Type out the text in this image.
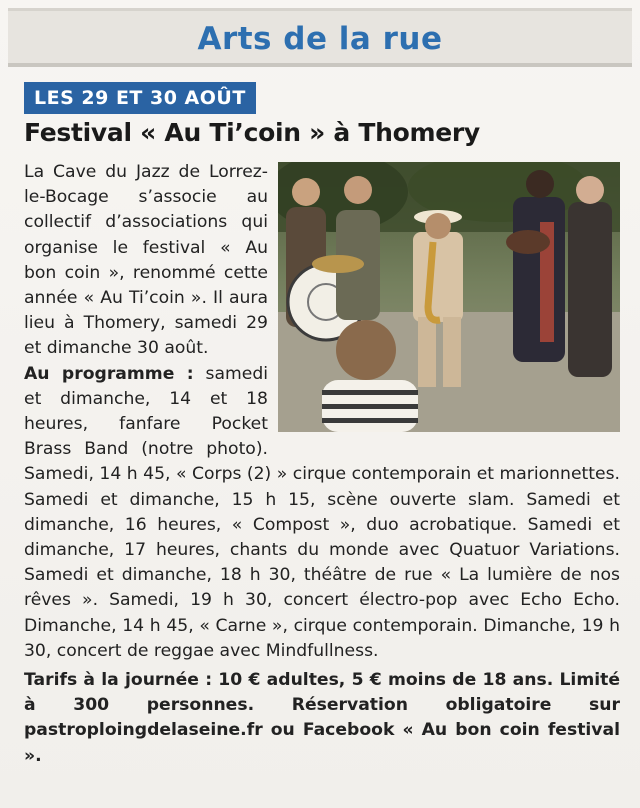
Arts de la rue
LES 29 ET 30 AOÛT
Festival « Au Ti’coin » à Thomery

La Cave du Jazz de Lorrez-le-Bocage s’associe au collectif d’associations qui organise le festival « Au bon coin », renommé cette année « Au Ti’coin ». Il aura lieu à Thomery, samedi 29 et dimanche 30 août.

Au programme : samedi et dimanche, 14 et 18 heures, fanfare Pocket Brass Band (notre photo). Samedi, 14 h 45, « Corps (2) » cirque contemporain et marionnettes. Samedi et dimanche, 15 h 15, scène ouverte slam. Samedi et dimanche, 16 heures, « Compost », duo acrobatique. Samedi et dimanche, 17 heures, chants du monde avec Quatuor Variations. Samedi et dimanche, 18 h 30, théâtre de rue « La lumière de nos rêves ». Samedi, 19 h 30, concert électro-pop avec Echo Echo. Dimanche, 14 h 45, « Carne », cirque contemporain. Dimanche, 19 h 30, concert de reggae avec Mindfullness.

Tarifs à la journée : 10 € adultes, 5 € moins de 18 ans. Limité à 300 personnes. Réservation obligatoire sur pastroploingdelaseine.fr ou Facebook « Au bon coin festival ».
